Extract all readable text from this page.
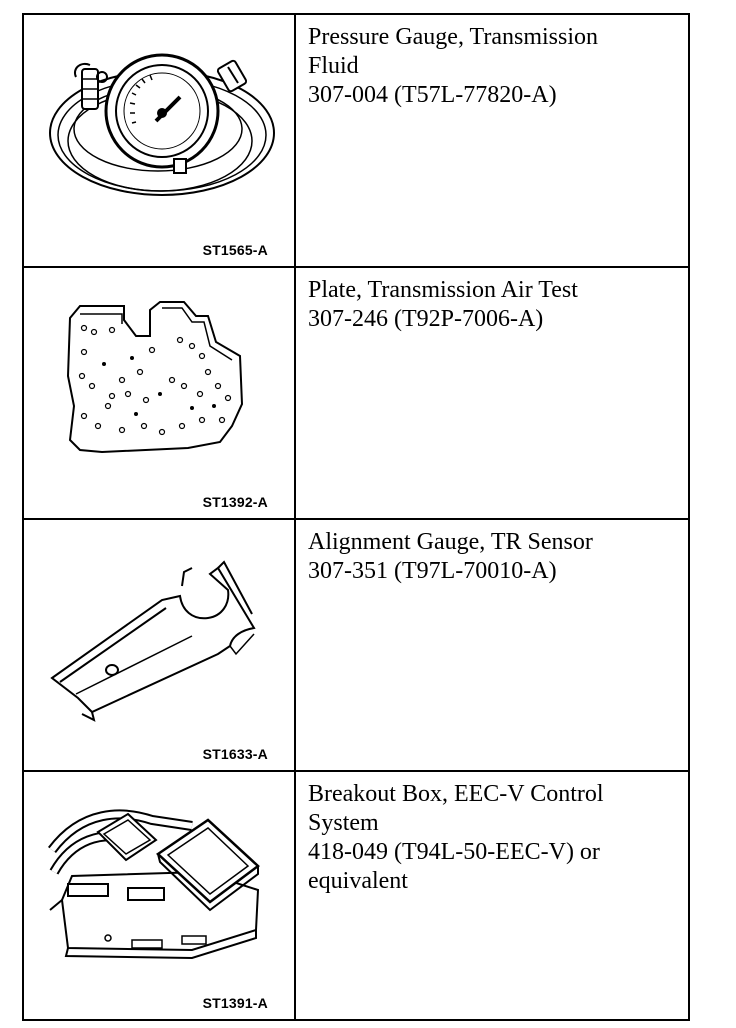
ST1565-A
Pressure Gauge, Transmission
Fluid
307-004 (T57L-77820-A)
ST1392-A
Plate, Transmission Air Test
307-246 (T92P-7006-A)
ST1633-A
Alignment Gauge, TR Sensor
307-351 (T97L-70010-A)
ST1391-A
Breakout Box, EEC-V Control
System
418-049 (T94L-50-EEC-V) or
equivalent
